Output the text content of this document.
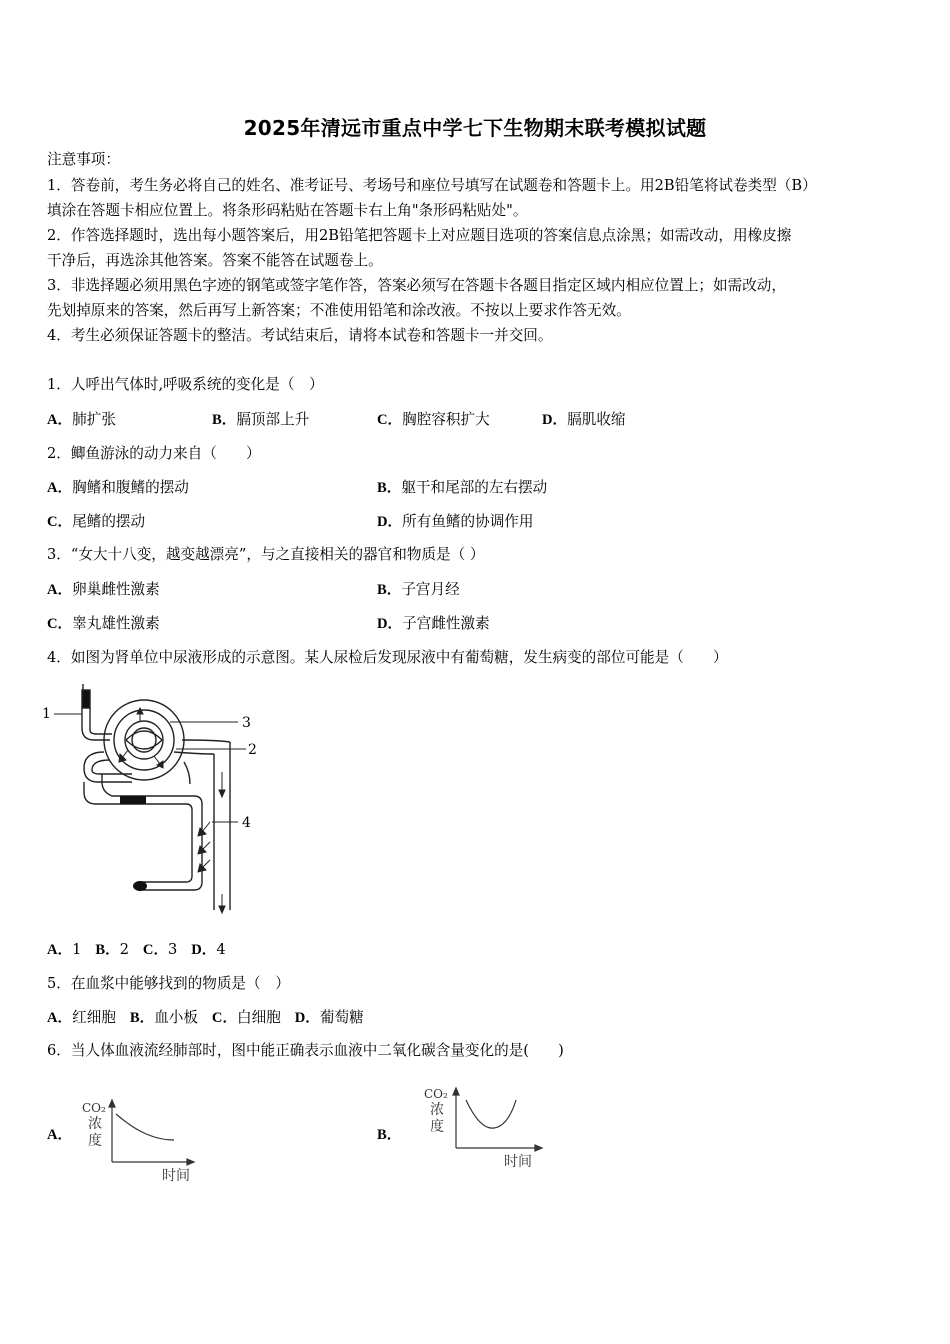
2025年清远市重点中学七下生物期末联考模拟试题
注意事项：
1．答卷前，考生务必将自己的姓名、准考证号、考场号和座位号填写在试题卷和答题卡上。用2B铅笔将试卷类型（B）
填涂在答题卡相应位置上。将条形码粘贴在答题卡右上角"条形码粘贴处"。
2．作答选择题时，选出每小题答案后，用2B铅笔把答题卡上对应题目选项的答案信息点涂黑；如需改动，用橡皮擦
干净后，再选涂其他答案。答案不能答在试题卷上。
3．非选择题必须用黑色字迹的钢笔或签字笔作答，答案必须写在答题卡各题目指定区域内相应位置上；如需改动，
先划掉原来的答案，然后再写上新答案；不准使用铅笔和涂改液。不按以上要求作答无效。
4．考生必须保证答题卡的整洁。考试结束后，请将本试卷和答题卡一并交回。
1．人呼出气体时,呼吸系统的变化是（　）
A．肺扩张	B．膈顶部上升	C．胸腔容积扩大	D．膈肌收缩
2．鲫鱼游泳的动力来自（　　）
A．胸鳍和腹鳍的摆动	B．躯干和尾部的左右摆动
C．尾鳍的摆动	D．所有鱼鳍的协调作用
3．“女大十八变，越变越漂亮”，与之直接相关的器官和物质是（ ）
A．卵巢雌性激素	B．子宫月经
C．睾丸雄性激素	D．子宫雌性激素
4．如图为肾单位中尿液形成的示意图。某人尿检后发现尿液中有葡萄糖，发生病变的部位可能是（　　）
1
2
3
4
A．1 B．2 C．3 D．4
5．在血浆中能够找到的物质是（　）
A．红细胞 B．血小板 C．白细胞 D．葡萄糖
6．当人体血液流经肺部时，图中能正确表示血液中二氧化碳含量变化的是(　　)
A．
CO₂
浓
度
时间
B．
CO₂
浓
度
时间
